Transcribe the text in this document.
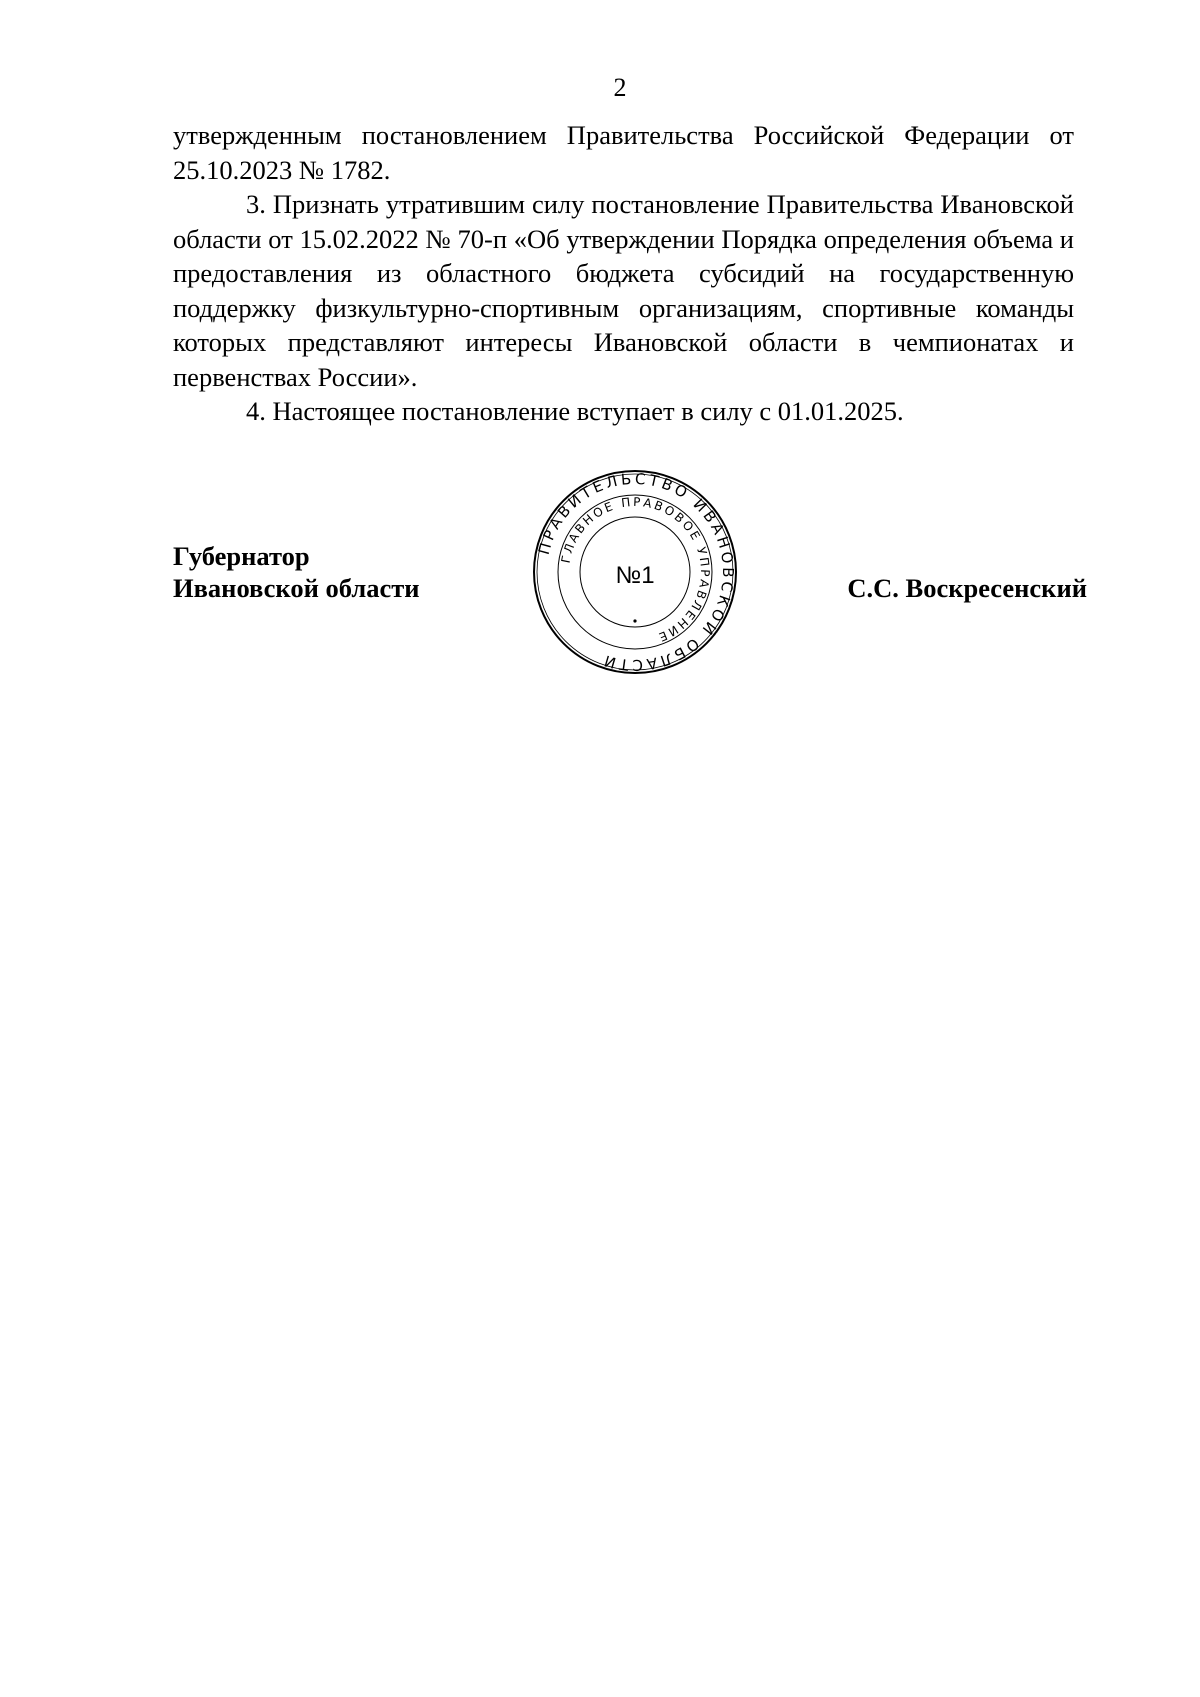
2

утвержденным постановлением Правительства Российской Федерации от 25.10.2023 № 1782.

3. Признать утратившим силу постановление Правительства Ивановской области от 15.02.2022 № 70-п «Об утверждении Порядка определения объема и предоставления из областного бюджета субсидий на государственную поддержку физкультурно-спортивным организациям, спортивные команды которых представляют интересы Ивановской области в чемпионатах и первенствах России».

4. Настоящее постановление вступает в силу с 01.01.2025.

Губернатор
Ивановской области	С.С. Воскресенский
ПРАВИТЕЛЬСТВО ИВАНОВСКОЙ ОБЛАСТИ
ГЛАВНОЕ ПРАВОВОЕ УПРАВЛЕНИЕ
№1
